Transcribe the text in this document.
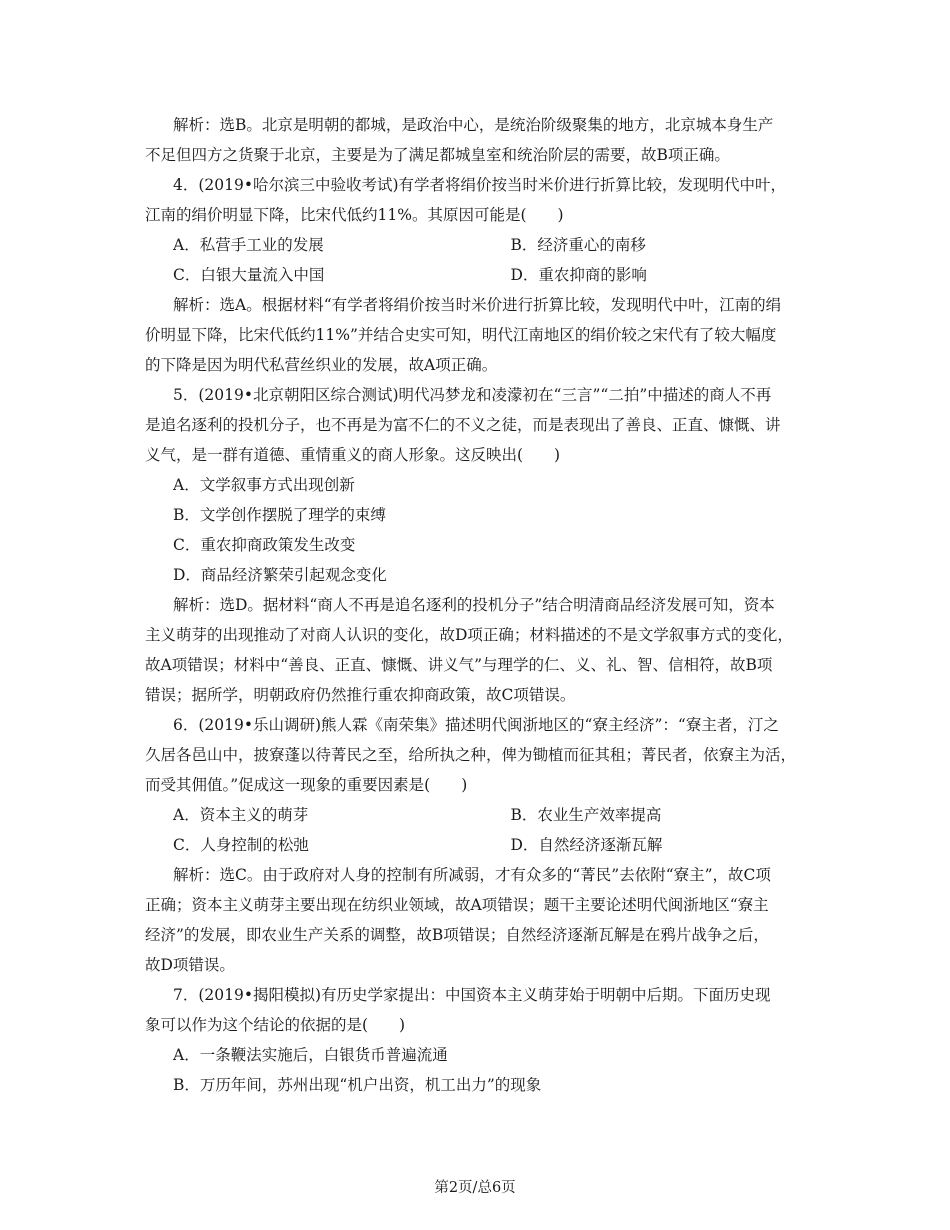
解析：选B。北京是明朝的都城，是政治中心，是统治阶级聚集的地方，北京城本身生产
不足但四方之货聚于北京，主要是为了满足都城皇室和统治阶层的需要，故B项正确。
4．(2019•哈尔滨三中验收考试)有学者将绢价按当时米价进行折算比较，发现明代中叶，
江南的绢价明显下降，比宋代低约11%。其原因可能是(　　)
A．私营手工业的发展	B．经济重心的南移
C．白银大量流入中国	D．重农抑商的影响
解析：选A。根据材料“有学者将绢价按当时米价进行折算比较，发现明代中叶，江南的绢
价明显下降，比宋代低约11%”并结合史实可知，明代江南地区的绢价较之宋代有了较大幅度
的下降是因为明代私营丝织业的发展，故A项正确。
5．(2019•北京朝阳区综合测试)明代冯梦龙和凌濛初在“三言”“二拍”中描述的商人不再
是追名逐利的投机分子，也不再是为富不仁的不义之徒，而是表现出了善良、正直、慷慨、讲
义气，是一群有道德、重情重义的商人形象。这反映出(　　)
A．文学叙事方式出现创新
B．文学创作摆脱了理学的束缚
C．重农抑商政策发生改变
D．商品经济繁荣引起观念变化
解析：选D。据材料“商人不再是追名逐利的投机分子”结合明清商品经济发展可知，资本
主义萌芽的出现推动了对商人认识的变化，故D项正确；材料描述的不是文学叙事方式的变化，
故A项错误；材料中“善良、正直、慷慨、讲义气”与理学的仁、义、礼、智、信相符，故B项
错误；据所学，明朝政府仍然推行重农抑商政策，故C项错误。
6．(2019•乐山调研)熊人霖《南荣集》描述明代闽浙地区的“寮主经济”：“寮主者，汀之
久居各邑山中，披寮蓬以待菁民之至，给所执之种，俾为锄植而征其租；菁民者，依寮主为活，
而受其佣值。”促成这一现象的重要因素是(　　)
A．资本主义的萌芽	B．农业生产效率提高
C．人身控制的松弛	D．自然经济逐渐瓦解
解析：选C。由于政府对人身的控制有所减弱，才有众多的“菁民”去依附“寮主”，故C项
正确；资本主义萌芽主要出现在纺织业领域，故A项错误；题干主要论述明代闽浙地区“寮主
经济”的发展，即农业生产关系的调整，故B项错误；自然经济逐渐瓦解是在鸦片战争之后，
故D项错误。
7．(2019•揭阳模拟)有历史学家提出：中国资本主义萌芽始于明朝中后期。下面历史现
象可以作为这个结论的依据的是(　　)
A．一条鞭法实施后，白银货币普遍流通
B．万历年间，苏州出现“机户出资，机工出力”的现象
第2页/总6页
